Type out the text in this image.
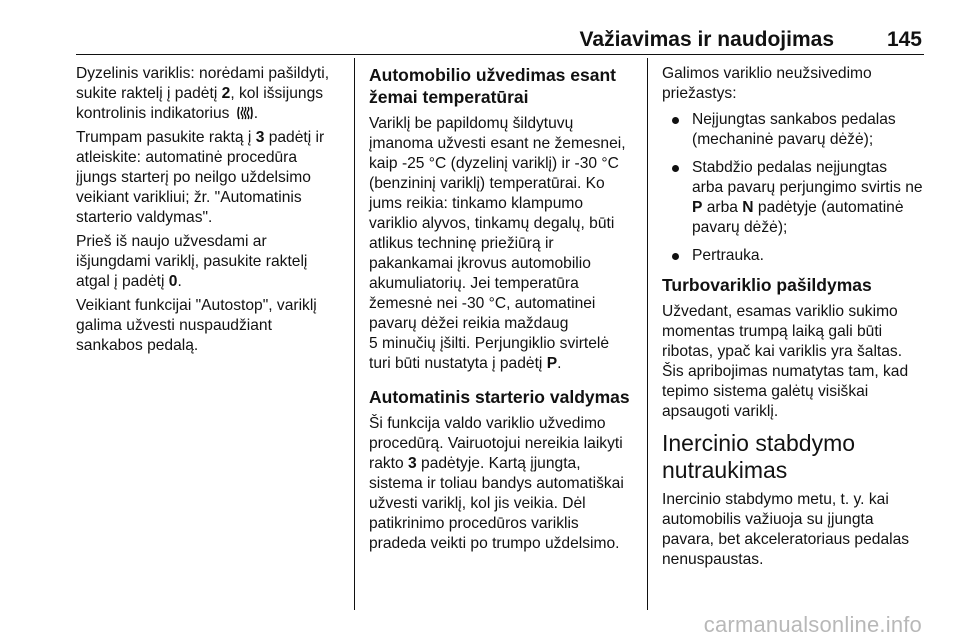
Važiavimas ir naudojimas	145

Dyzelinis variklis: norėdami pašildyti,
sukite raktelį į padėtį 2, kol išsijungs
kontrolinis indikatorius .

Trumpam pasukite raktą į 3 padėtį ir
atleiskite: automatinė procedūra
įjungs starterį po neilgo uždelsimo
veikiant varikliui; žr. "Automatinis
starterio valdymas".

Prieš iš naujo užvesdami ar
išjungdami variklį, pasukite raktelį
atgal į padėtį 0.

Veikiant funkcijai "Autostop", variklį
galima užvesti nuspaudžiant
sankabos pedalą.

Automobilio užvedimas esant
žemai temperatūrai

Variklį be papildomų šildytuvų
įmanoma užvesti esant ne žemesnei,
kaip -25 °C (dyzelinį variklį) ir -30 °C
(benzininį variklį) temperatūrai. Ko
jums reikia: tinkamo klampumo
variklio alyvos, tinkamų degalų, būti
atlikus techninę priežiūrą ir
pakankamai įkrovus automobilio
akumuliatorių. Jei temperatūra
žemesnė nei -30 °C, automatinei
pavarų dėžei reikia maždaug
5 minučių įšilti. Perjungiklio svirtelė
turi būti nustatyta į padėtį P.

Automatinis starterio valdymas

Ši funkcija valdo variklio užvedimo
procedūrą. Vairuotojui nereikia laikyti
rakto 3 padėtyje. Kartą įjungta,
sistema ir toliau bandys automatiškai
užvesti variklį, kol jis veikia. Dėl
patikrinimo procedūros variklis
pradeda veikti po trumpo uždelsimo.

Galimos variklio neužsivedimo
priežastys:

Neįjungtas sankabos pedalas
(mechaninė pavarų dėžė);
Stabdžio pedalas neįjungtas
arba pavarų perjungimo svirtis ne
P arba N padėtyje (automatinė
pavarų dėžė);
Pertrauka.
Turbovariklio pašildymas

Užvedant, esamas variklio sukimo
momentas trumpą laiką gali būti
ribotas, ypač kai variklis yra šaltas.
Šis apribojimas numatytas tam, kad
tepimo sistema galėtų visiškai
apsaugoti variklį.

Inercinio stabdymo
nutraukimas

Inercinio stabdymo metu, t. y. kai
automobilis važiuoja su įjungta
pavara, bet akceleratoriaus pedalas
nenuspaustas.

carmanualsonline.info
